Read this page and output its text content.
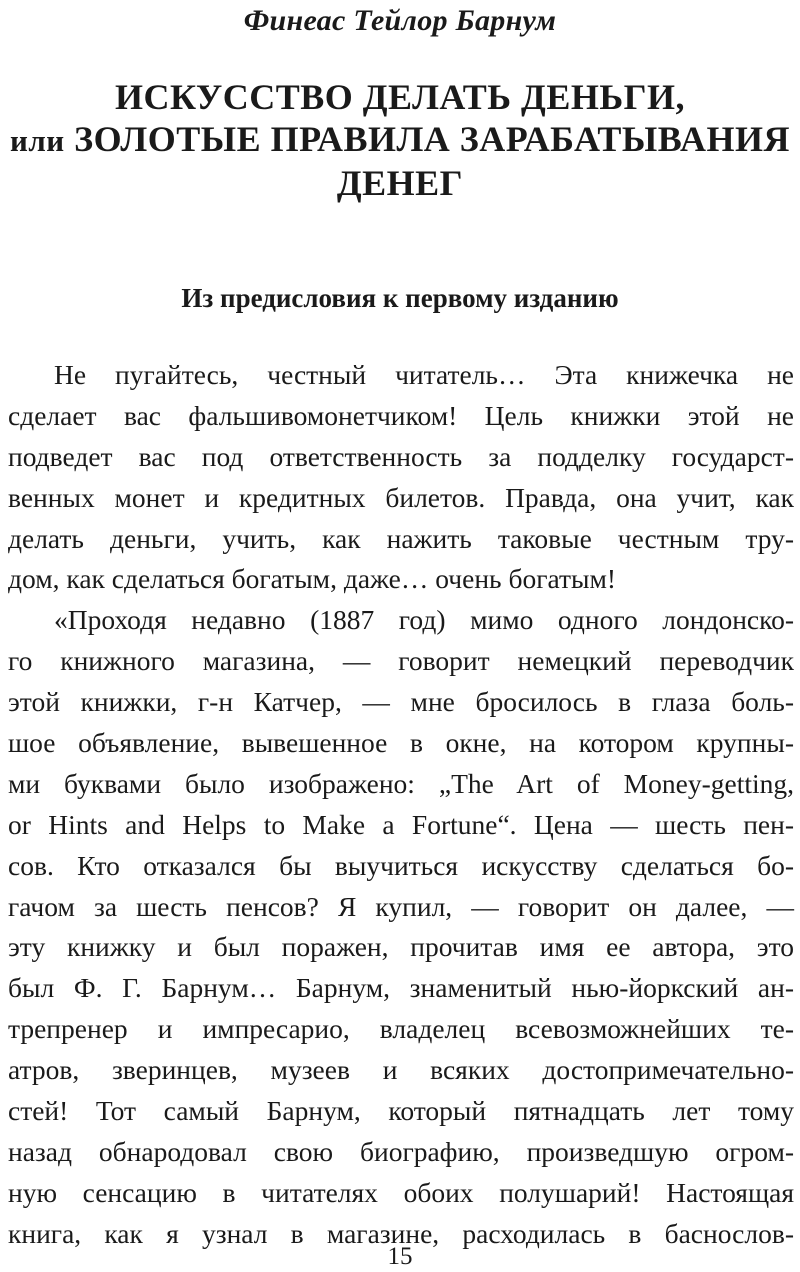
Финеас Тейлор Барнум
ИСКУССТВО ДЕЛАТЬ ДЕНЬГИ,
или ЗОЛОТЫЕ ПРАВИЛА ЗАРАБАТЫВАНИЯ
ДЕНЕГ
Из предисловия к первому изданию
Не пугайтесь, честный читатель… Эта книжечка не
сделает вас фальшивомонетчиком! Цель книжки этой не
подведет вас под ответственность за подделку государст-
венных монет и кредитных билетов. Правда, она учит, как
делать деньги, учить, как нажить таковые честным тру-
дом, как сделаться богатым, даже… очень богатым!
«Проходя недавно (1887 год) мимо одного лондонско-
го книжного магазина, — говорит немецкий переводчик
этой книжки, г-н Катчер, — мне бросилось в глаза боль-
шое объявление, вывешенное в окне, на котором крупны-
ми буквами было изображено: „The Art of Money-getting,
or Hints and Helps to Make a Fortune“. Цена — шесть пен-
сов. Кто отказался бы выучиться искусству сделаться бо-
гачом за шесть пенсов? Я купил, — говорит он далее, —
эту книжку и был поражен, прочитав имя ее автора, это
был Ф. Г. Барнум… Барнум, знаменитый нью-йоркский ан-
трепренер и импресарио, владелец всевозможнейших те-
атров, зверинцев, музеев и всяких достопримечательно-
стей! Тот самый Барнум, который пятнадцать лет тому
назад обнародовал свою биографию, произведшую огром-
ную сенсацию в читателях обоих полушарий! Настоящая
книга, как я узнал в магазине, расходилась в баснослов-
15
